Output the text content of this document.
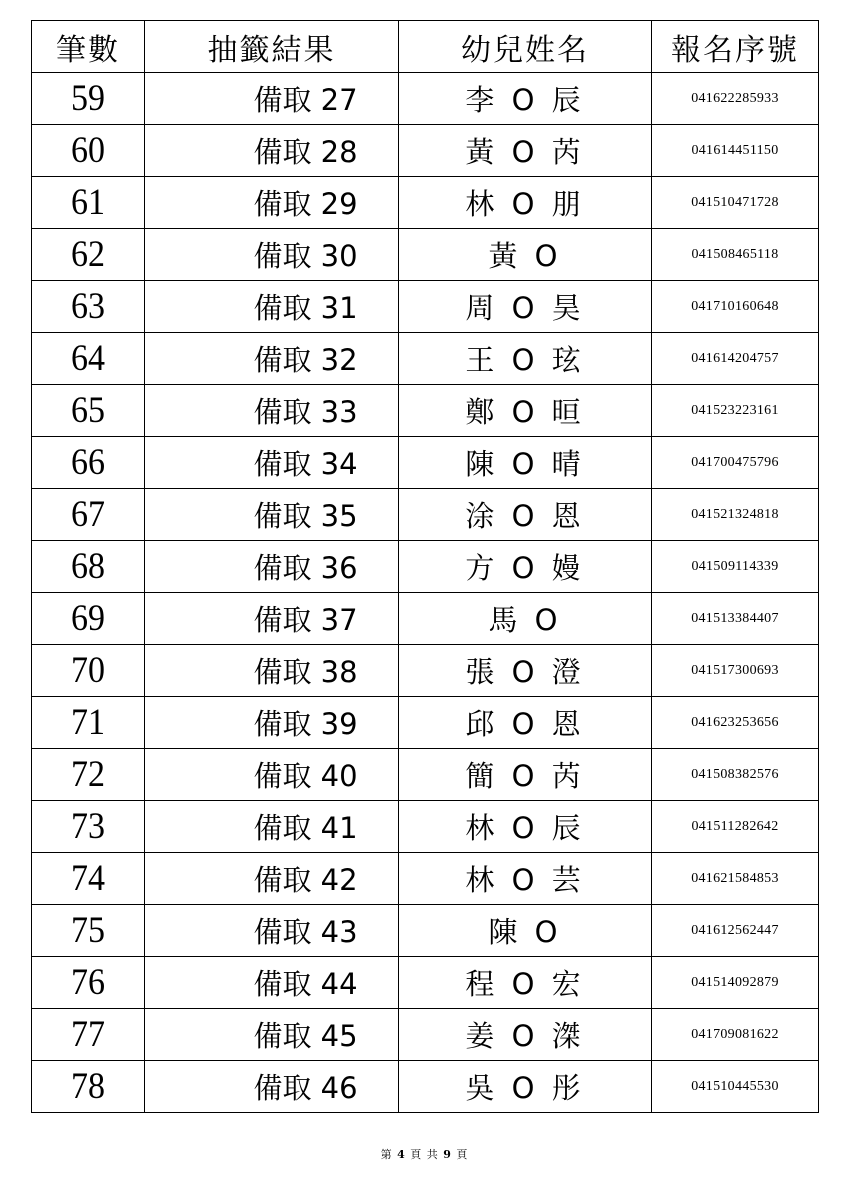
筆數	抽籤結果	幼兒姓名	報名序號
59	備取 27	李 O 辰	041622285933
60	備取 28	黃 O 芮	041614451150
61	備取 29	林 O 朋	041510471728
62	備取 30	黃 O	041508465118
63	備取 31	周 O 昊	041710160648
64	備取 32	王 O 玹	041614204757
65	備取 33	鄭 O 晅	041523223161
66	備取 34	陳 O 晴	041700475796
67	備取 35	涂 O 恩	041521324818
68	備取 36	方 O 嫚	041509114339
69	備取 37	馬 O	041513384407
70	備取 38	張 O 澄	041517300693
71	備取 39	邱 O 恩	041623253656
72	備取 40	簡 O 芮	041508382576
73	備取 41	林 O 辰	041511282642
74	備取 42	林 O 芸	041621584853
75	備取 43	陳 O	041612562447
76	備取 44	程 O 宏	041514092879
77	備取 45	姜 O 滐	041709081622
78	備取 46	吳 O 彤	041510445530
第 4 頁 共 9 頁
